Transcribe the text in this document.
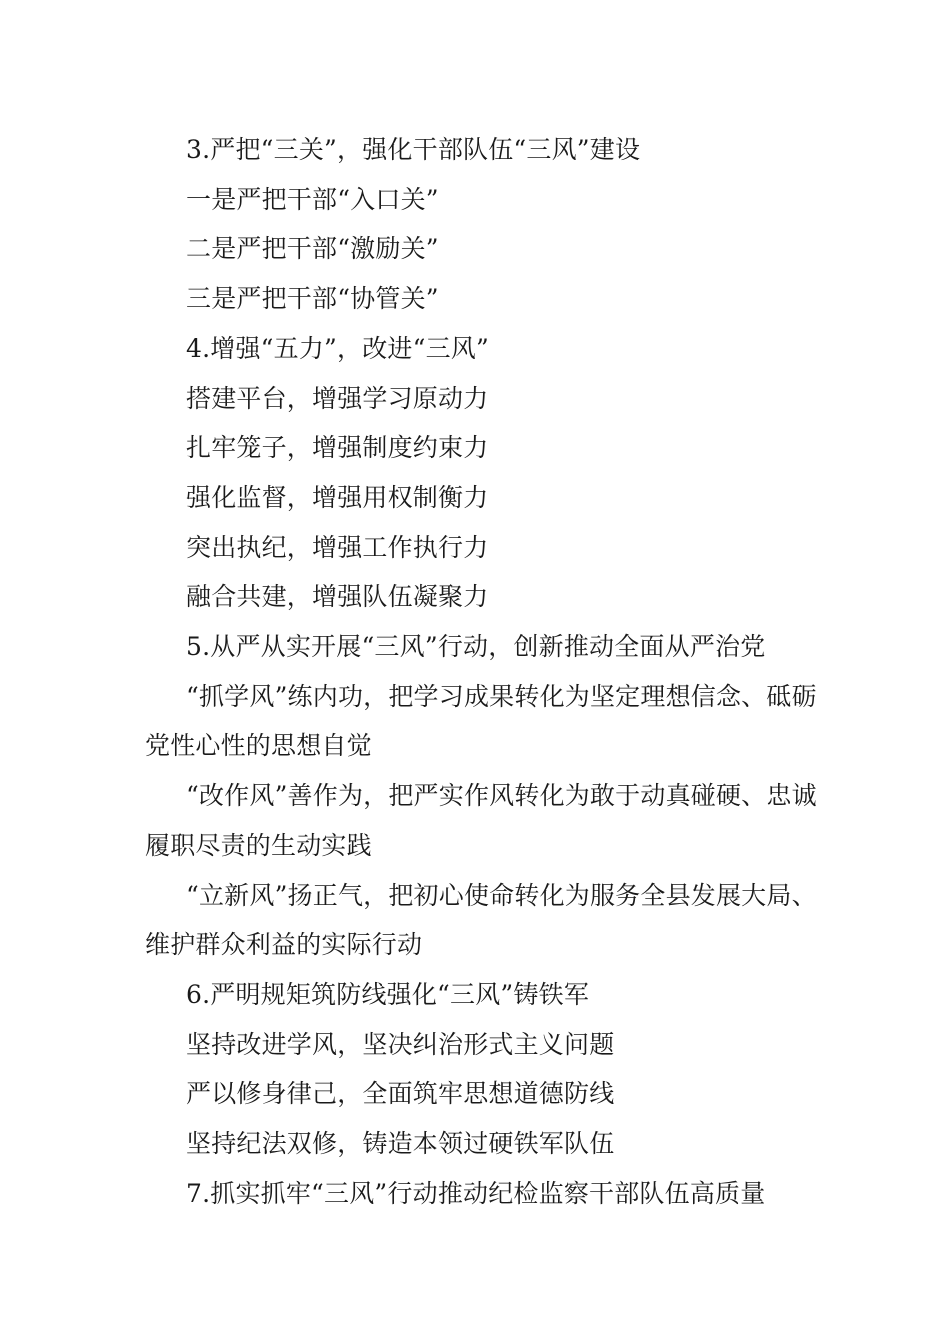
3.严把“三关”，强化干部队伍“三风”建设

一是严把干部“入口关”

二是严把干部“激励关”

三是严把干部“协管关”

4.增强“五力”，改进“三风”

搭建平台，增强学习原动力

扎牢笼子，增强制度约束力

强化监督，增强用权制衡力

突出执纪，增强工作执行力

融合共建，增强队伍凝聚力

5.从严从实开展“三风”行动，创新推动全面从严治党

“抓学风”练内功，把学习成果转化为坚定理想信念、砥砺党性心性的思想自觉

“改作风”善作为，把严实作风转化为敢于动真碰硬、忠诚履职尽责的生动实践

“立新风”扬正气，把初心使命转化为服务全县发展大局、维护群众利益的实际行动

6.严明规矩筑防线强化“三风”铸铁军

坚持改进学风，坚决纠治形式主义问题

严以修身律己，全面筑牢思想道德防线

坚持纪法双修，铸造本领过硬铁军队伍

7.抓实抓牢“三风”行动推动纪检监察干部队伍高质量
